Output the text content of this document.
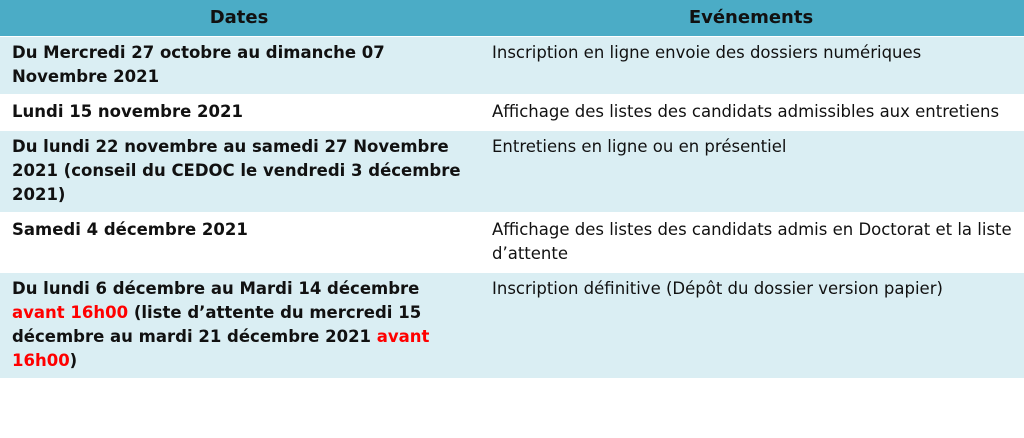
Dates	Evénements
Du Mercredi 27 octobre au dimanche 07 Novembre 2021	Inscription en ligne envoie des dossiers numériques
Lundi 15 novembre 2021	Affichage des listes des candidats admissibles aux entretiens
Du lundi 22 novembre au samedi 27 Novembre 2021 (conseil du CEDOC le vendredi 3 décembre 2021)	Entretiens en ligne ou en présentiel
Samedi 4 décembre 2021	Affichage des listes des candidats admis en Doctorat et la liste d’attente
Du lundi 6 décembre au Mardi 14 décembre avant 16h00 (liste d’attente du mercredi 15 décembre au mardi 21 décembre 2021 avant 16h00)	Inscription définitive (Dépôt du dossier version papier)
